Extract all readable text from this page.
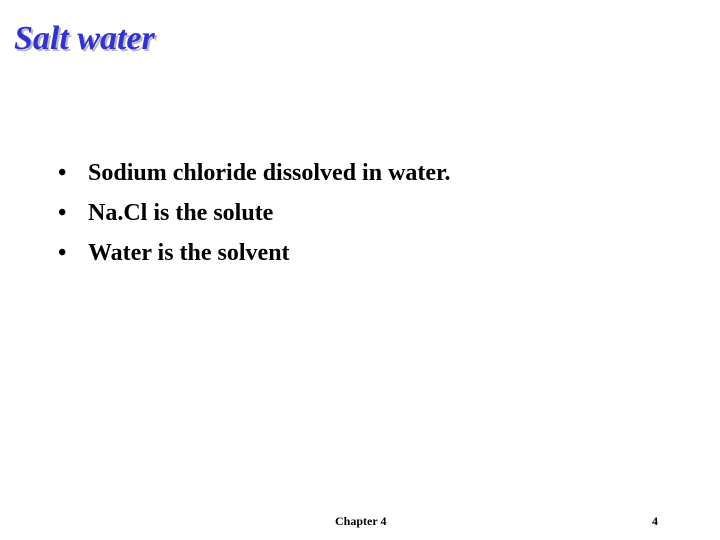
Salt water
• Sodium chloride dissolved in water.
• Na.Cl is the solute
• Water is the solvent
Chapter 4	4
